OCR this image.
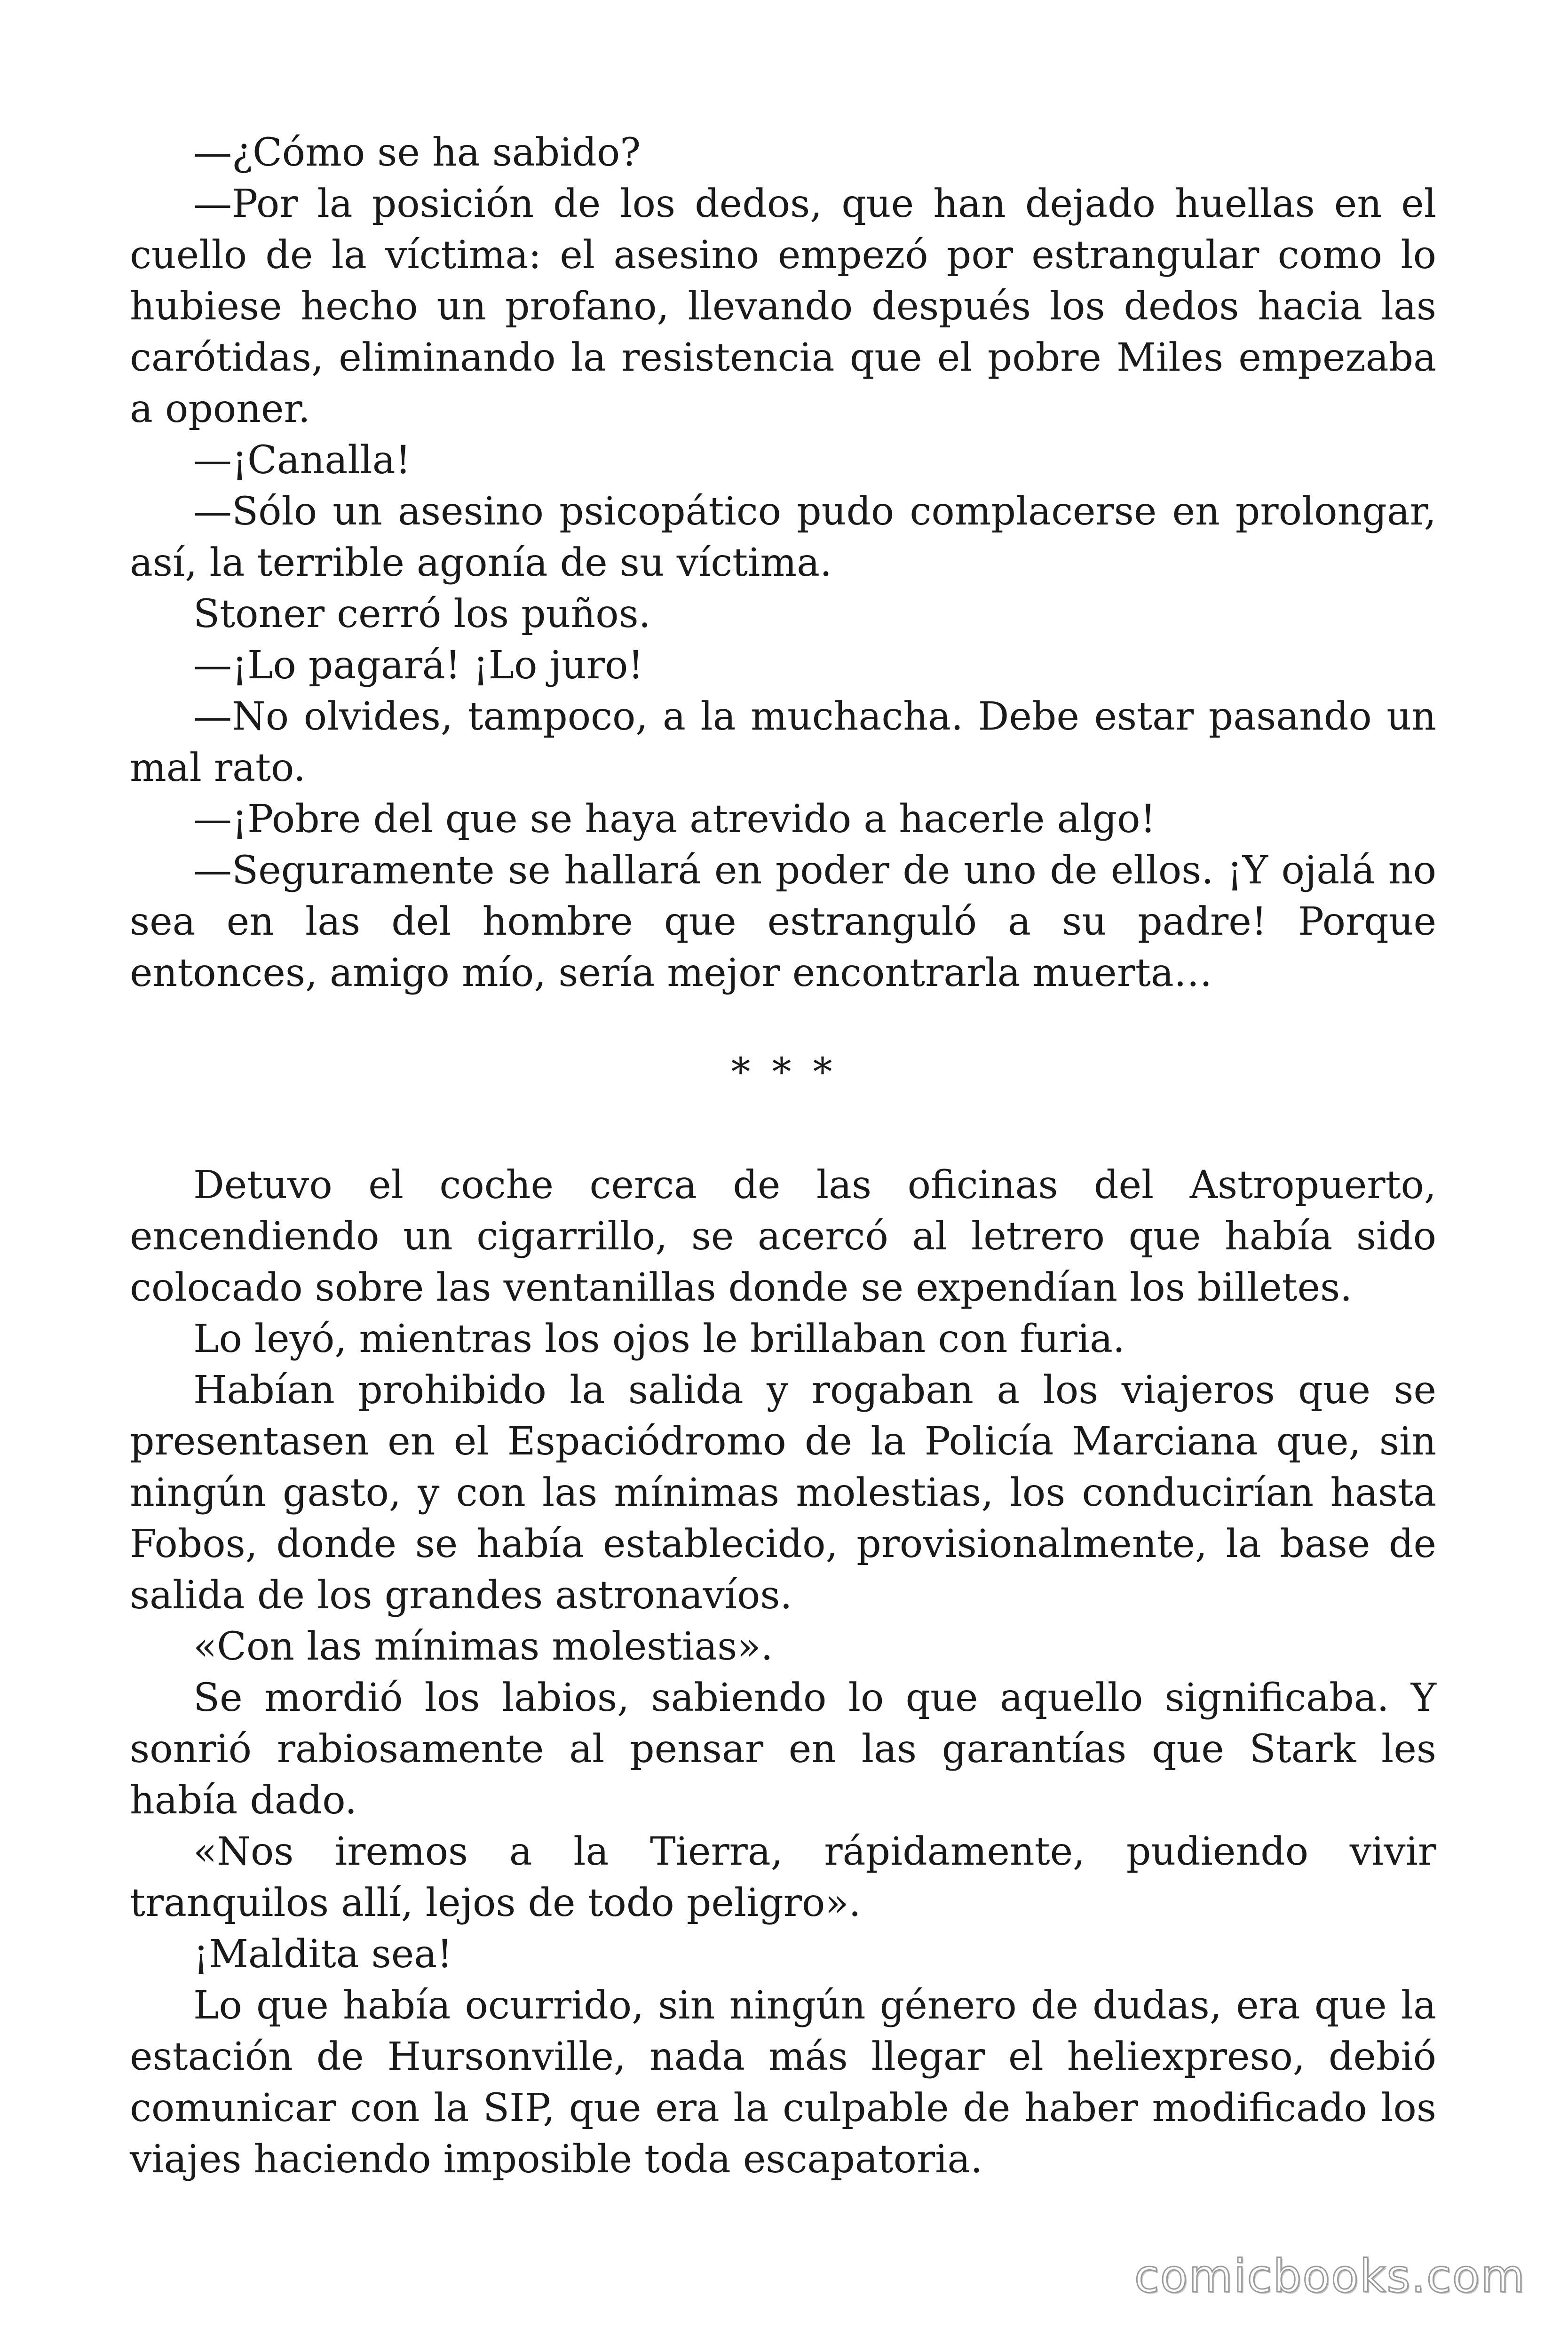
—¿Cómo se ha sabido?

—Por la posición de los dedos, que han dejado huellas en el cuello de la víctima: el asesino empezó por estrangular como lo hubiese hecho un profano, llevando después los dedos hacia las carótidas, eliminando la resistencia que el pobre Miles empezaba a oponer.

—¡Canalla!

—Sólo un asesino psicopático pudo complacerse en prolongar, así, la terrible agonía de su víctima.

Stoner cerró los puños.

—¡Lo pagará! ¡Lo juro!

—No olvides, tampoco, a la muchacha. Debe estar pasando un mal rato.

—¡Pobre del que se haya atrevido a hacerle algo!

—Seguramente se hallará en poder de uno de ellos. ¡Y ojalá no sea en las del hombre que estranguló a su padre! Porque entonces, amigo mío, sería mejor encontrarla muerta…

* * *

Detuvo el coche cerca de las oficinas del Astropuerto, encendiendo un cigarrillo, se acercó al letrero que había sido colocado sobre las ventanillas donde se expendían los billetes.

Lo leyó, mientras los ojos le brillaban con furia.

Habían prohibido la salida y rogaban a los viajeros que se presentasen en el Espaciódromo de la Policía Marciana que, sin ningún gasto, y con las mínimas molestias, los conducirían hasta Fobos, donde se había establecido, provisionalmente, la base de salida de los grandes astronavíos.

«Con las mínimas molestias».

Se mordió los labios, sabiendo lo que aquello significaba. Y sonrió rabiosamente al pensar en las garantías que Stark les había dado.

«Nos iremos a la Tierra, rápidamente, pudiendo vivir tranquilos allí, lejos de todo peligro».

¡Maldita sea!

Lo que había ocurrido, sin ningún género de dudas, era que la estación de Hursonville, nada más llegar el heliexpreso, debió comunicar con la SIP, que era la culpable de haber modificado los viajes haciendo imposible toda escapatoria.

comicbooks.com
